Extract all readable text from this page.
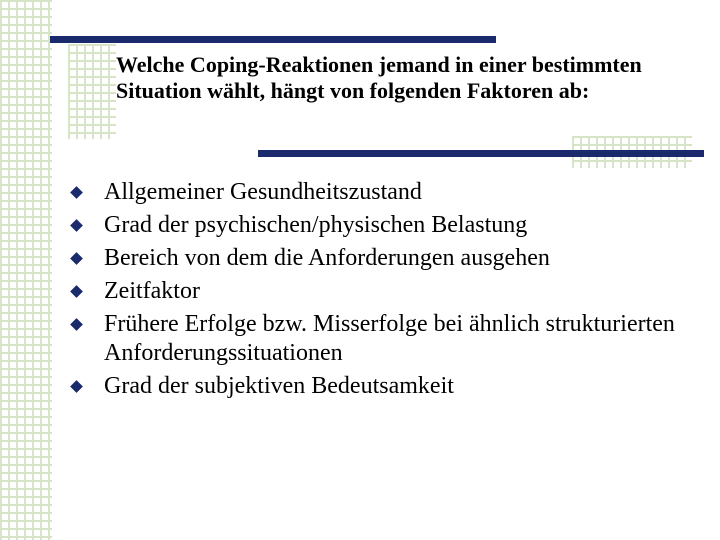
Welche Coping-Reaktionen jemand in einer bestimmten Situation wählt, hängt von folgenden Faktoren ab:
Allgemeiner Gesundheitszustand
Grad der psychischen/physischen Belastung
Bereich von dem die Anforderungen ausgehen
Zeitfaktor
Frühere Erfolge bzw. Misserfolge bei ähnlich strukturierten Anforderungssituationen
Grad der subjektiven Bedeutsamkeit
